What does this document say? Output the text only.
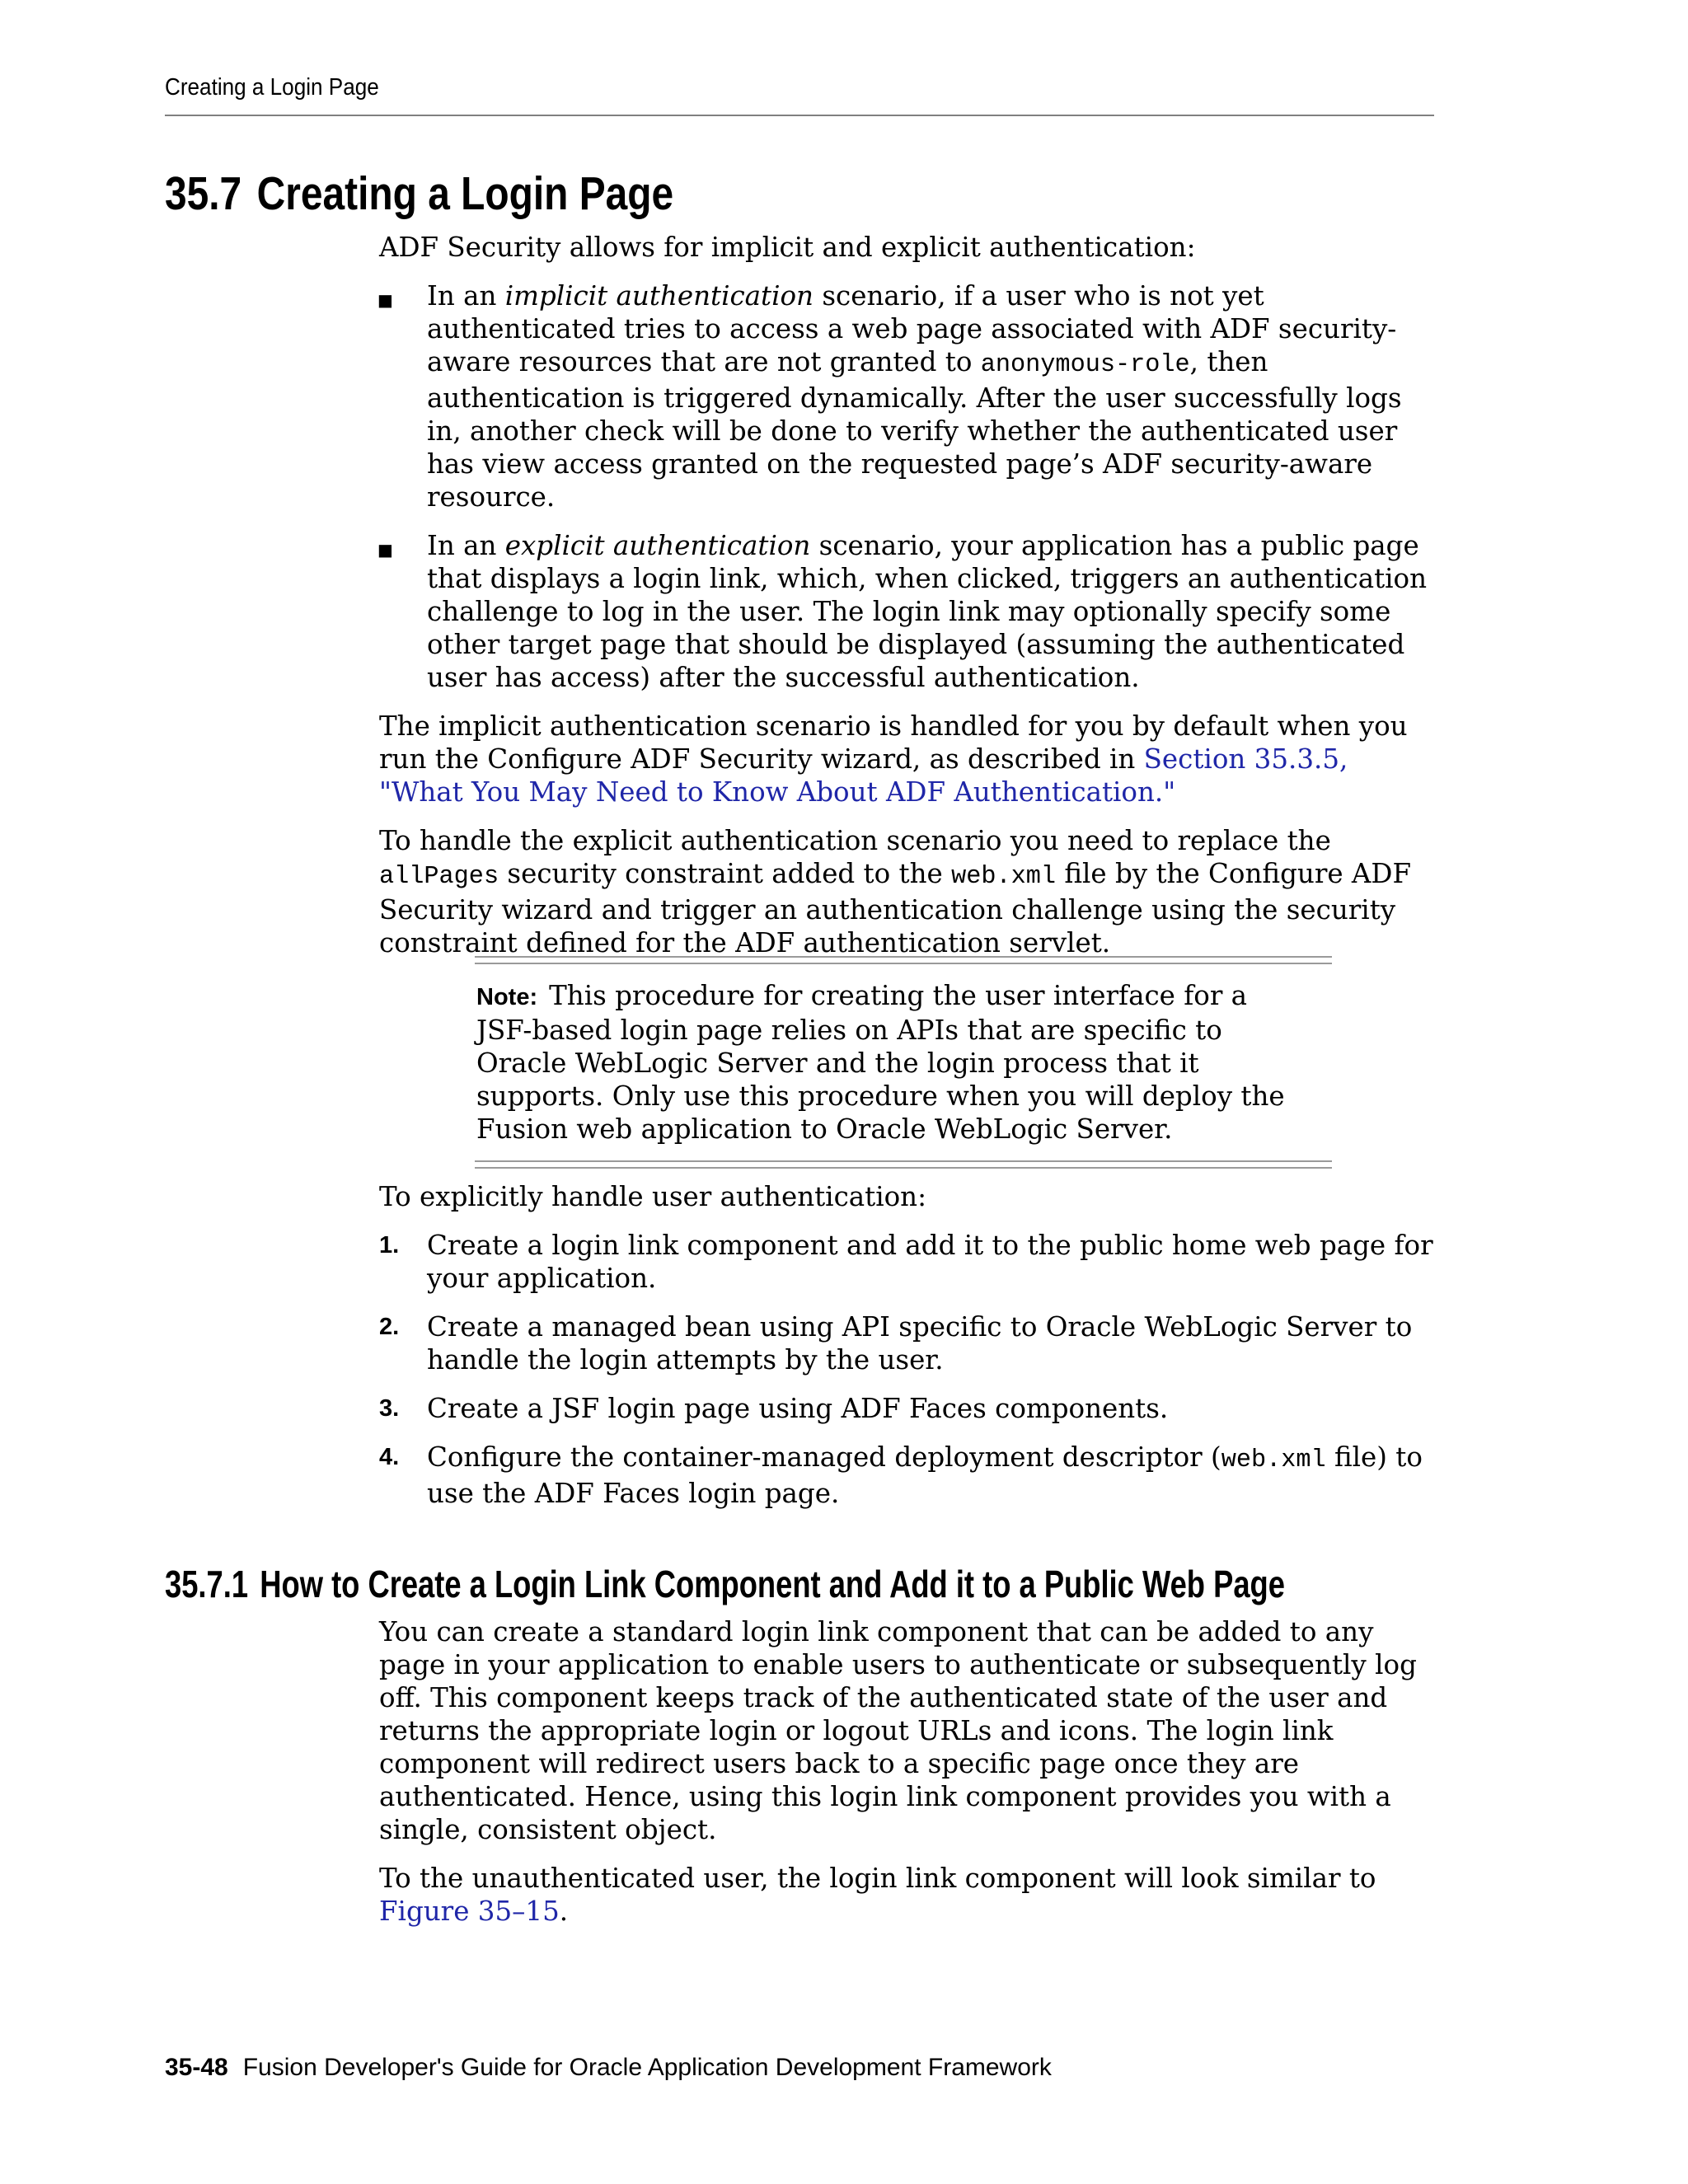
Creating a Login Page
35.7 Creating a Login Page

ADF Security allows for implicit and explicit authentication:

■ In an implicit authentication scenario, if a user who is not yet authenticated tries to access a web page associated with ADF security-aware resources that are not granted to anonymous-role, then authentication is triggered dynamically. After the user successfully logs in, another check will be done to verify whether the authenticated user has view access granted on the requested page’s ADF security-aware resource.
■ In an explicit authentication scenario, your application has a public page that displays a login link, which, when clicked, triggers an authentication challenge to log in the user. The login link may optionally specify some other target page that should be displayed (assuming the authenticated user has access) after the successful authentication.

The implicit authentication scenario is handled for you by default when you run the Configure ADF Security wizard, as described in Section 35.3.5, "What You May Need to Know About ADF Authentication."

To handle the explicit authentication scenario you need to replace the allPages security constraint added to the web.xml file by the Configure ADF Security wizard and trigger an authentication challenge using the security constraint defined for the ADF authentication servlet.

Note: This procedure for creating the user interface for a JSF-based login page relies on APIs that are specific to Oracle WebLogic Server and the login process that it supports. Only use this procedure when you will deploy the Fusion web application to Oracle WebLogic Server.

To explicitly handle user authentication:

1. Create a login link component and add it to the public home web page for your application.
2. Create a managed bean using API specific to Oracle WebLogic Server to handle the login attempts by the user.
3. Create a JSF login page using ADF Faces components.
4. Configure the container-managed deployment descriptor (web.xml file) to use the ADF Faces login page.
35.7.1 How to Create a Login Link Component and Add it to a Public Web Page

You can create a standard login link component that can be added to any page in your application to enable users to authenticate or subsequently log off. This component keeps track of the authenticated state of the user and returns the appropriate login or logout URLs and icons. The login link component will redirect users back to a specific page once they are authenticated. Hence, using this login link component provides you with a single, consistent object.

To the unauthenticated user, the login link component will look similar to Figure 35–15.

35-48 Fusion Developer's Guide for Oracle Application Development Framework
